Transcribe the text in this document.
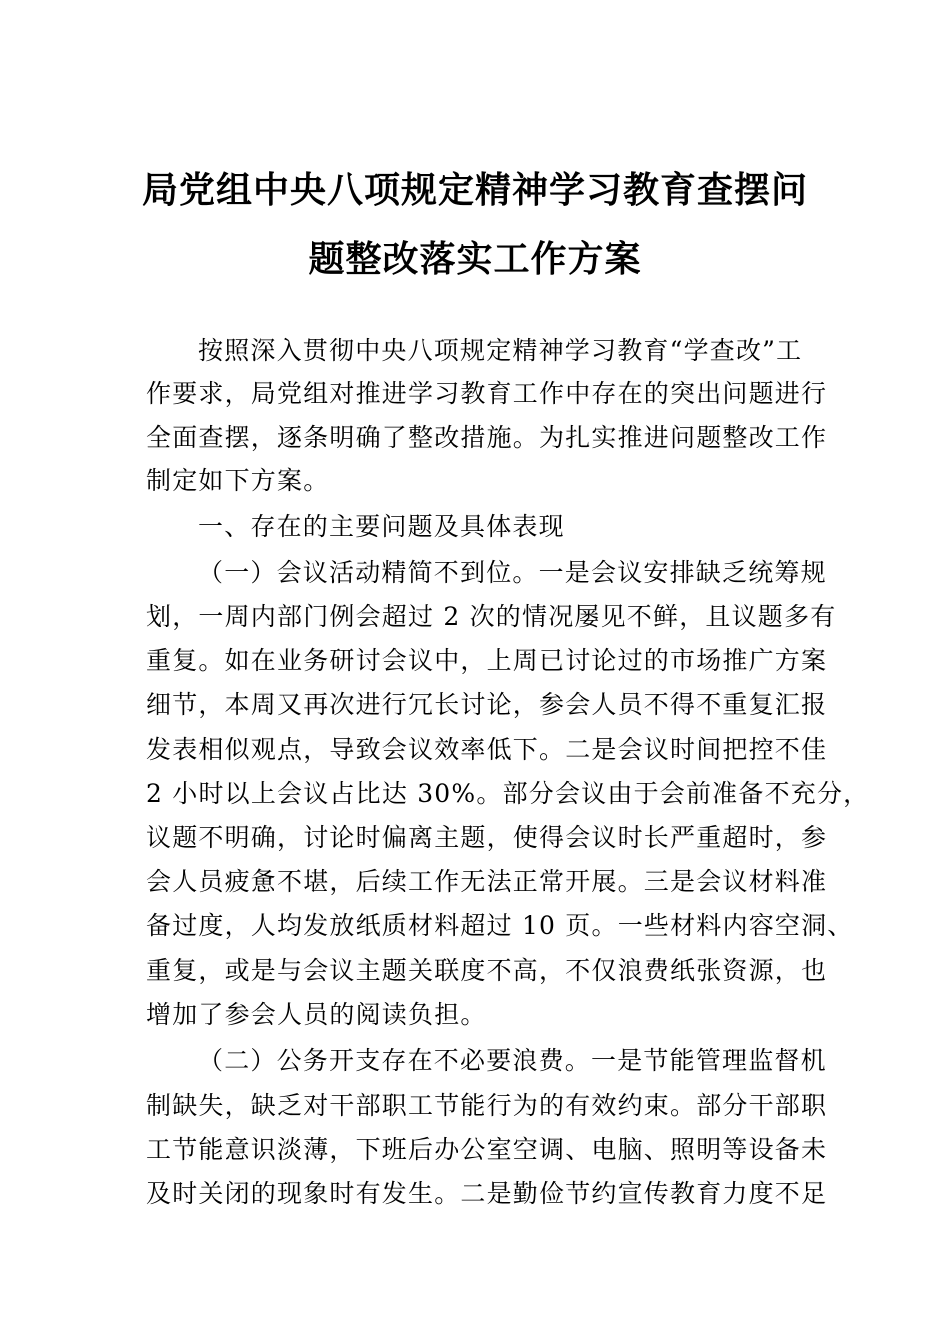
局党组中央八项规定精神学习教育查摆问
题整改落实工作方案
按照深入贯彻中央八项规定精神学习教育“学查改”工
作要求，局党组对推进学习教育工作中存在的突出问题进行
全面查摆，逐条明确了整改措施。为扎实推进问题整改工作
制定如下方案。
一、存在的主要问题及具体表现
（一）会议活动精简不到位。一是会议安排缺乏统筹规
划，一周内部门例会超过 2 次的情况屡见不鲜，且议题多有
重复。如在业务研讨会议中，上周已讨论过的市场推广方案
细节，本周又再次进行冗长讨论，参会人员不得不重复汇报
发表相似观点，导致会议效率低下。二是会议时间把控不佳
2 小时以上会议占比达 30%。部分会议由于会前准备不充分，
议题不明确，讨论时偏离主题，使得会议时长严重超时，参
会人员疲惫不堪，后续工作无法正常开展。三是会议材料准
备过度，人均发放纸质材料超过 10 页。一些材料内容空洞、
重复，或是与会议主题关联度不高，不仅浪费纸张资源，也
增加了参会人员的阅读负担。
（二）公务开支存在不必要浪费。一是节能管理监督机
制缺失，缺乏对干部职工节能行为的有效约束。部分干部职
工节能意识淡薄，下班后办公室空调、电脑、照明等设备未
及时关闭的现象时有发生。二是勤俭节约宣传教育力度不足
